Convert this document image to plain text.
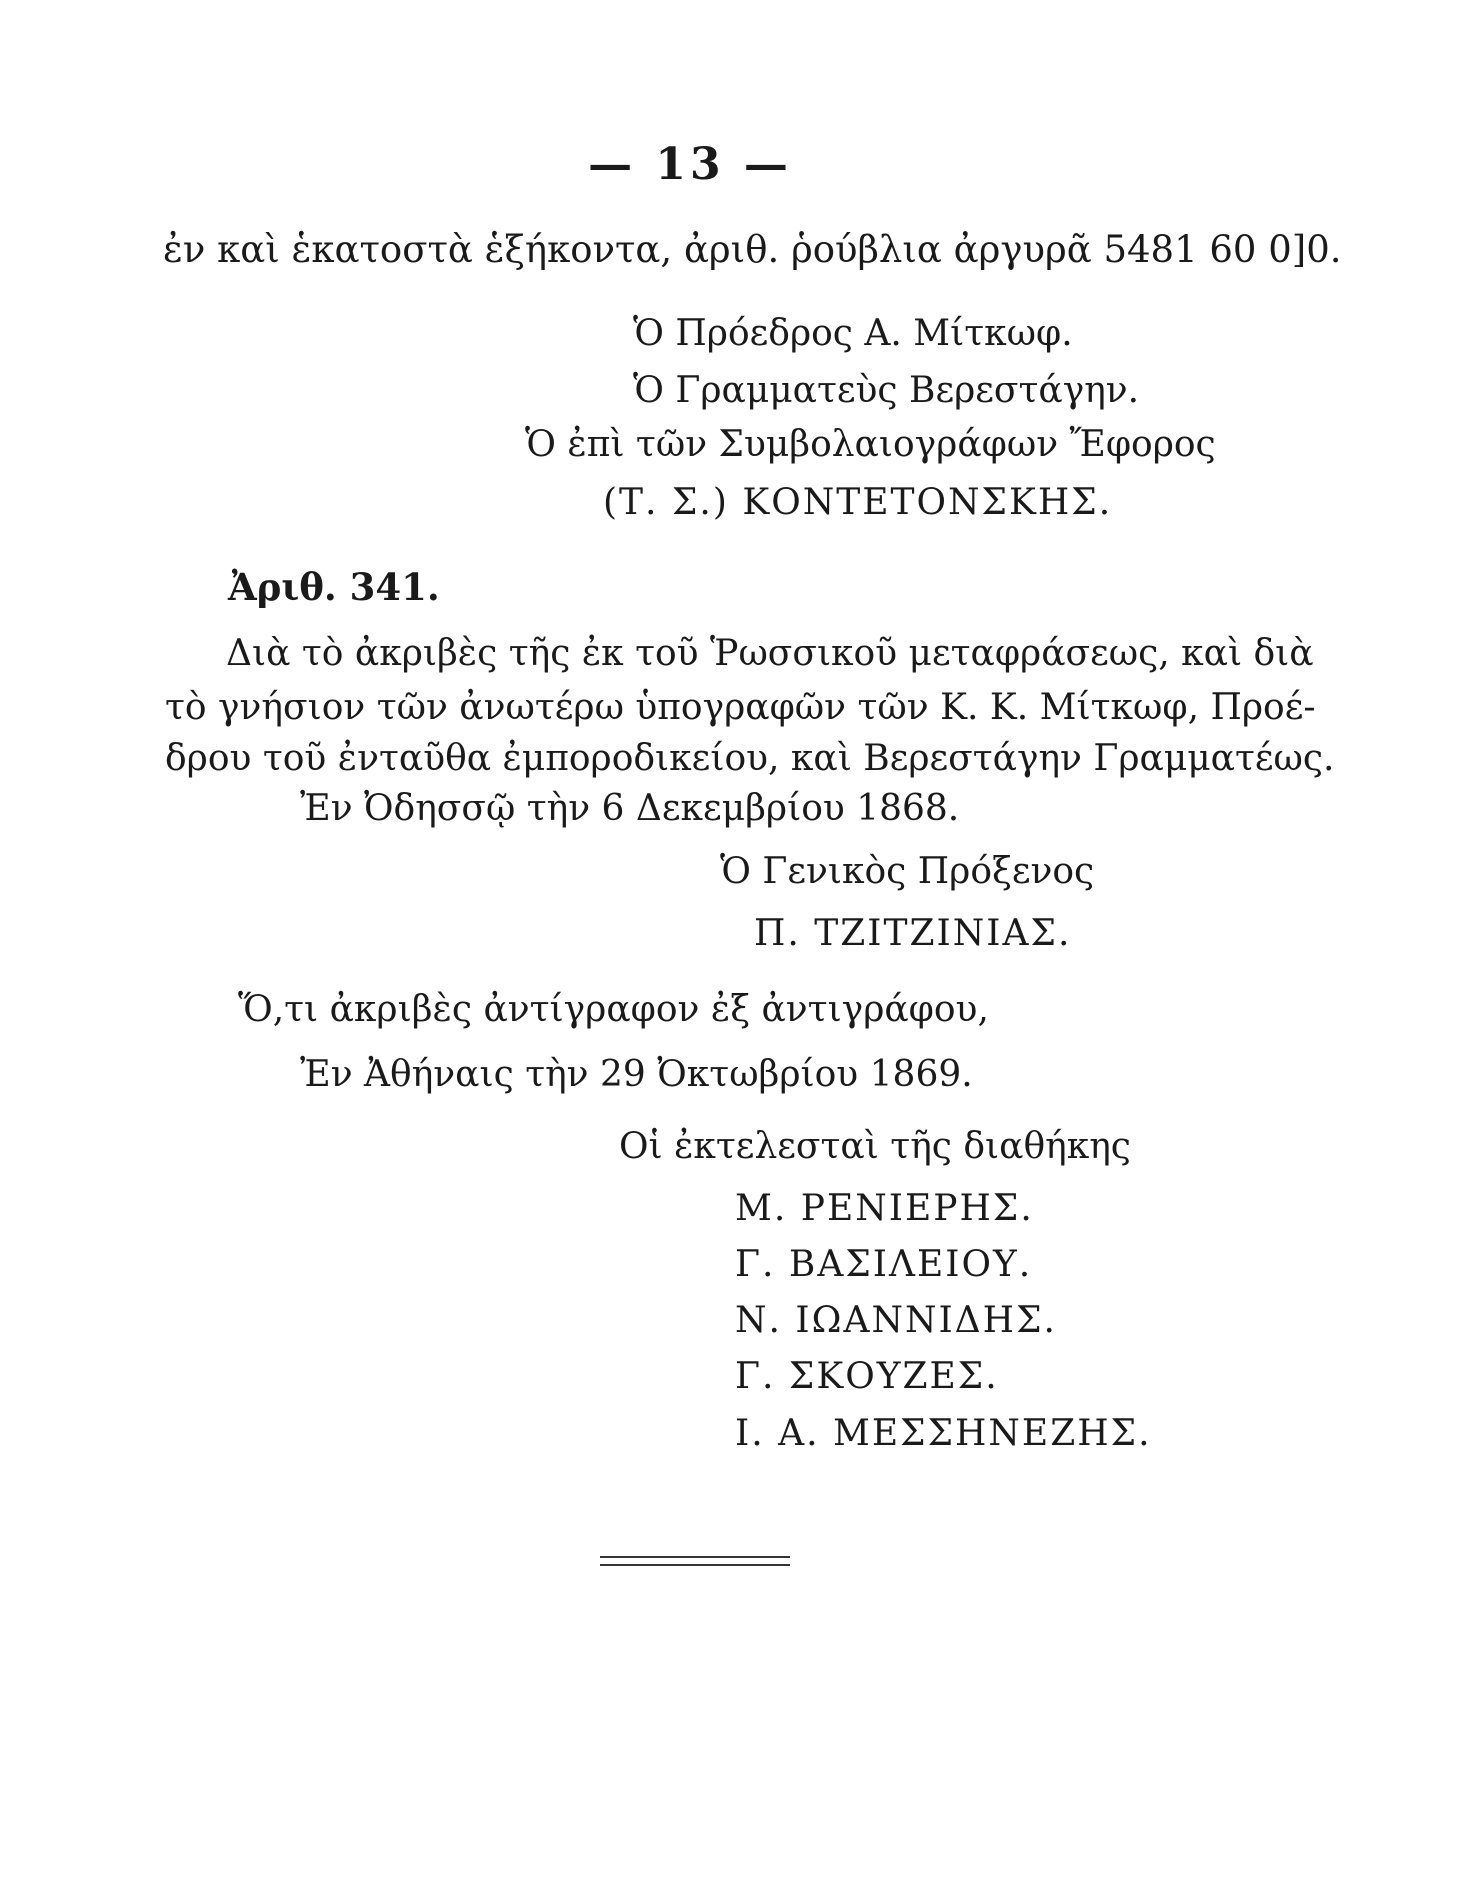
— 13 —
ἐν καὶ ἑκατοστὰ ἑξήκοντα, ἀριθ. ῥούβλια ἀργυρᾶ 5481 60 0]0.
Ὁ Πρόεδρος Α. Μίτκωφ.
Ὁ Γραμματεὺς Βερεστάγην.
Ὁ ἐπὶ τῶν Συμβολαιογράφων Ἔφορος
(Τ. Σ.) ΚΟΝΤΕΤΟΝΣΚΗΣ.
Ἀριθ. 341.
Διὰ τὸ ἀκριβὲς τῆς ἐκ τοῦ Ῥωσσικοῦ μεταφράσεως, καὶ διὰ
τὸ γνήσιον τῶν ἀνωτέρω ὑπογραφῶν τῶν Κ. Κ. Μίτκωφ, Προέ-
δρου τοῦ ἐνταῦθα ἐμποροδικείου, καὶ Βερεστάγην Γραμματέως.
Ἐν Ὀδησσῷ τὴν 6 Δεκεμβρίου 1868.
Ὁ Γενικὸς Πρόξενος
Π. ΤΖΙΤΖΙΝΙΑΣ.
Ὅ,τι ἀκριβὲς ἀντίγραφον ἐξ ἀντιγράφου,
Ἐν Ἀθήναις τὴν 29 Ὀκτωβρίου 1869.
Οἱ ἐκτελεσταὶ τῆς διαθήκης
Μ. ΡΕΝΙΕΡΗΣ.
Γ. ΒΑΣΙΛΕΙΟΥ.
Ν. ΙΩΑΝΝΙΔΗΣ.
Γ. ΣΚΟΥΖΕΣ.
Ι. Α. ΜΕΣΣΗΝΕΖΗΣ.
